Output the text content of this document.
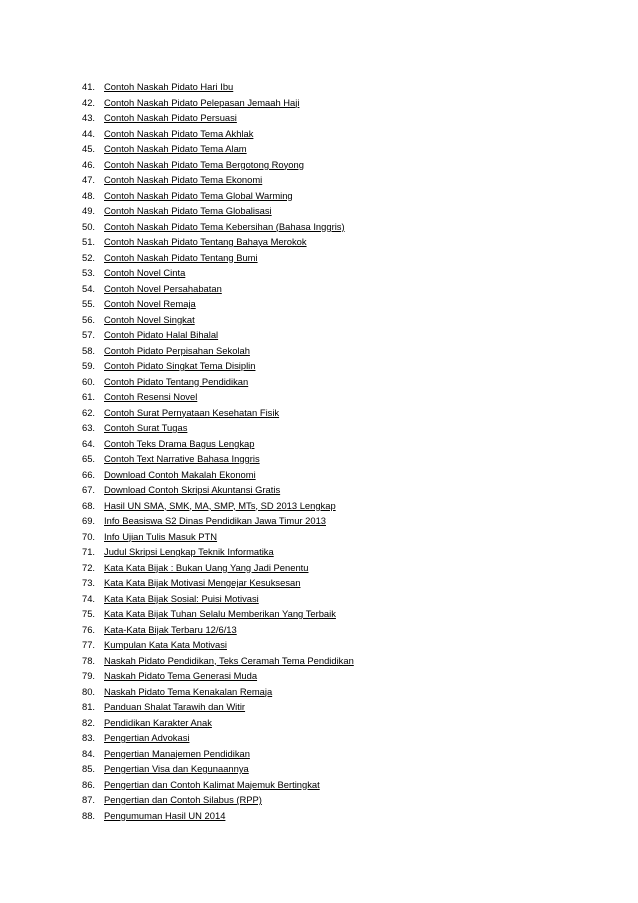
41. Contoh Naskah Pidato Hari Ibu
42. Contoh Naskah Pidato Pelepasan Jemaah Haji
43. Contoh Naskah Pidato Persuasi
44. Contoh Naskah Pidato Tema Akhlak
45. Contoh Naskah Pidato Tema Alam
46. Contoh Naskah Pidato Tema Bergotong Royong
47. Contoh Naskah Pidato Tema Ekonomi
48. Contoh Naskah Pidato Tema Global Warming
49. Contoh Naskah Pidato Tema Globalisasi
50. Contoh Naskah Pidato Tema Kebersihan (Bahasa Inggris)
51. Contoh Naskah Pidato Tentang Bahaya Merokok
52. Contoh Naskah Pidato Tentang Bumi
53. Contoh Novel Cinta
54. Contoh Novel Persahabatan
55. Contoh Novel Remaja
56. Contoh Novel Singkat
57. Contoh Pidato Halal Bihalal
58. Contoh Pidato Perpisahan Sekolah
59. Contoh Pidato Singkat Tema Disiplin
60. Contoh Pidato Tentang Pendidikan
61. Contoh Resensi Novel
62. Contoh Surat Pernyataan Kesehatan Fisik
63. Contoh Surat Tugas
64. Contoh Teks Drama Bagus Lengkap
65. Contoh Text Narrative Bahasa Inggris
66. Download Contoh Makalah Ekonomi
67. Download Contoh Skripsi Akuntansi Gratis
68. Hasil UN SMA, SMK, MA, SMP, MTs, SD 2013 Lengkap
69. Info Beasiswa S2 Dinas Pendidikan Jawa Timur 2013
70. Info Ujian Tulis Masuk PTN
71. Judul Skripsi Lengkap Teknik Informatika
72. Kata Kata Bijak : Bukan Uang Yang Jadi Penentu
73. Kata Kata Bijak Motivasi Mengejar Kesuksesan
74. Kata Kata Bijak Sosial: Puisi Motivasi
75. Kata Kata Bijak Tuhan Selalu Memberikan Yang Terbaik
76. Kata-Kata Bijak Terbaru 12/6/13
77. Kumpulan Kata Kata Motivasi
78. Naskah Pidato Pendidikan, Teks Ceramah Tema Pendidikan
79. Naskah Pidato Tema Generasi Muda
80. Naskah Pidato Tema Kenakalan Remaja
81. Panduan Shalat Tarawih dan Witir
82. Pendidikan Karakter Anak
83. Pengertian Advokasi
84. Pengertian Manajemen Pendidikan
85. Pengertian Visa dan Kegunaannya
86. Pengertian dan Contoh Kalimat Majemuk Bertingkat
87. Pengertian dan Contoh Silabus (RPP)
88. Pengumuman Hasil UN 2014
